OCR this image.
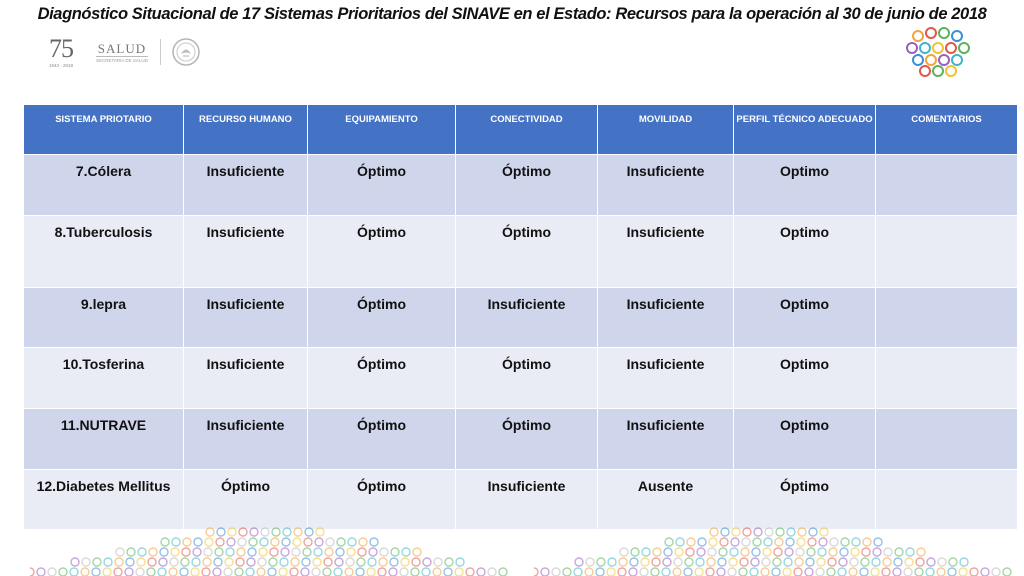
Diagnóstico Situacional de 17 Sistemas Prioritarios del SINAVE en el Estado: Recursos para la operación al 30 de junio de 2018
75
1943 · 2018
SALUD
SECRETARÍA DE SALUD
SISTEMA PRIOTARIO	RECURSO HUMANO	EQUIPAMIENTO	CONECTIVIDAD	MOVILIDAD	PERFIL TÉCNICO ADECUADO	COMENTARIOS
7.Cólera	Insuficiente	Óptimo	Óptimo	Insuficiente	Optimo	
8.Tuberculosis	Insuficiente	Óptimo	Óptimo	Insuficiente	Optimo	
9.lepra	Insuficiente	Óptimo	Insuficiente	Insuficiente	Optimo	
10.Tosferina	Insuficiente	Óptimo	Óptimo	Insuficiente	Optimo	
11.NUTRAVE	Insuficiente	Óptimo	Óptimo	Insuficiente	Optimo	
12.Diabetes Mellitus	Óptimo	Óptimo	Insuficiente	Ausente	Óptimo	
